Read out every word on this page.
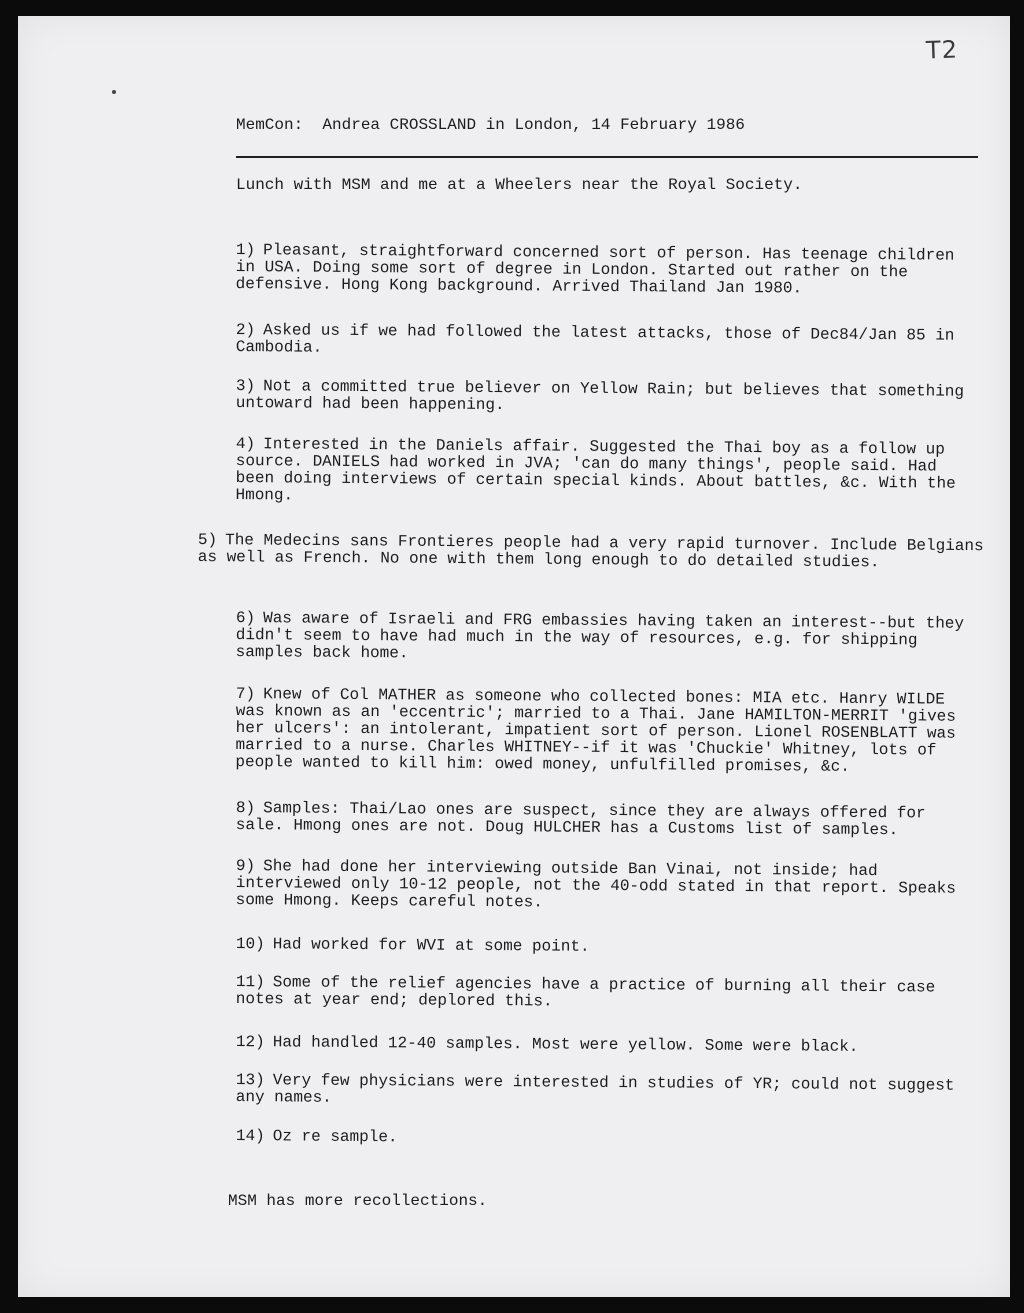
T2
MemCon: Andrea CROSSLAND in London, 14 February 1986
Lunch with MSM and me at a Wheelers near the Royal Society.
1) Pleasant, straightforward concerned sort of person. Has teenage children in USA. Doing some sort of degree in London. Started out rather on the defensive. Hong Kong background. Arrived Thailand Jan 1980.
2) Asked us if we had followed the latest attacks, those of Dec84/Jan 85 in Cambodia.
3) Not a committed true believer on Yellow Rain; but believes that something untoward had been happening.
4) Interested in the Daniels affair. Suggested the Thai boy as a follow up source. DANIELS had worked in JVA; 'can do many things', people said. Had been doing interviews of certain special kinds. About battles, &c. With the Hmong.
5) The Medecins sans Frontieres people had a very rapid turnover. Include Belgians as well as French. No one with them long enough to do detailed studies.
6) Was aware of Israeli and FRG embassies having taken an interest--but they didn't seem to have had much in the way of resources, e.g. for shipping samples back home.
7) Knew of Col MATHER as someone who collected bones: MIA etc. Hanry WILDE was known as an 'eccentric'; married to a Thai. Jane HAMILTON-MERRIT 'gives her ulcers': an intolerant, impatient sort of person. Lionel ROSENBLATT was married to a nurse. Charles WHITNEY--if it was 'Chuckie' Whitney, lots of people wanted to kill him: owed money, unfulfilled promises, &c.
8) Samples: Thai/Lao ones are suspect, since they are always offered for sale. Hmong ones are not. Doug HULCHER has a Customs list of samples.
9) She had done her interviewing outside Ban Vinai, not inside; had interviewed only 10-12 people, not the 40-odd stated in that report. Speaks some Hmong. Keeps careful notes.
10) Had worked for WVI at some point.
11) Some of the relief agencies have a practice of burning all their case notes at year end; deplored this.
12) Had handled 12-40 samples. Most were yellow. Some were black.
13) Very few physicians were interested in studies of YR; could not suggest any names.
14) Oz re sample.
MSM has more recollections.
